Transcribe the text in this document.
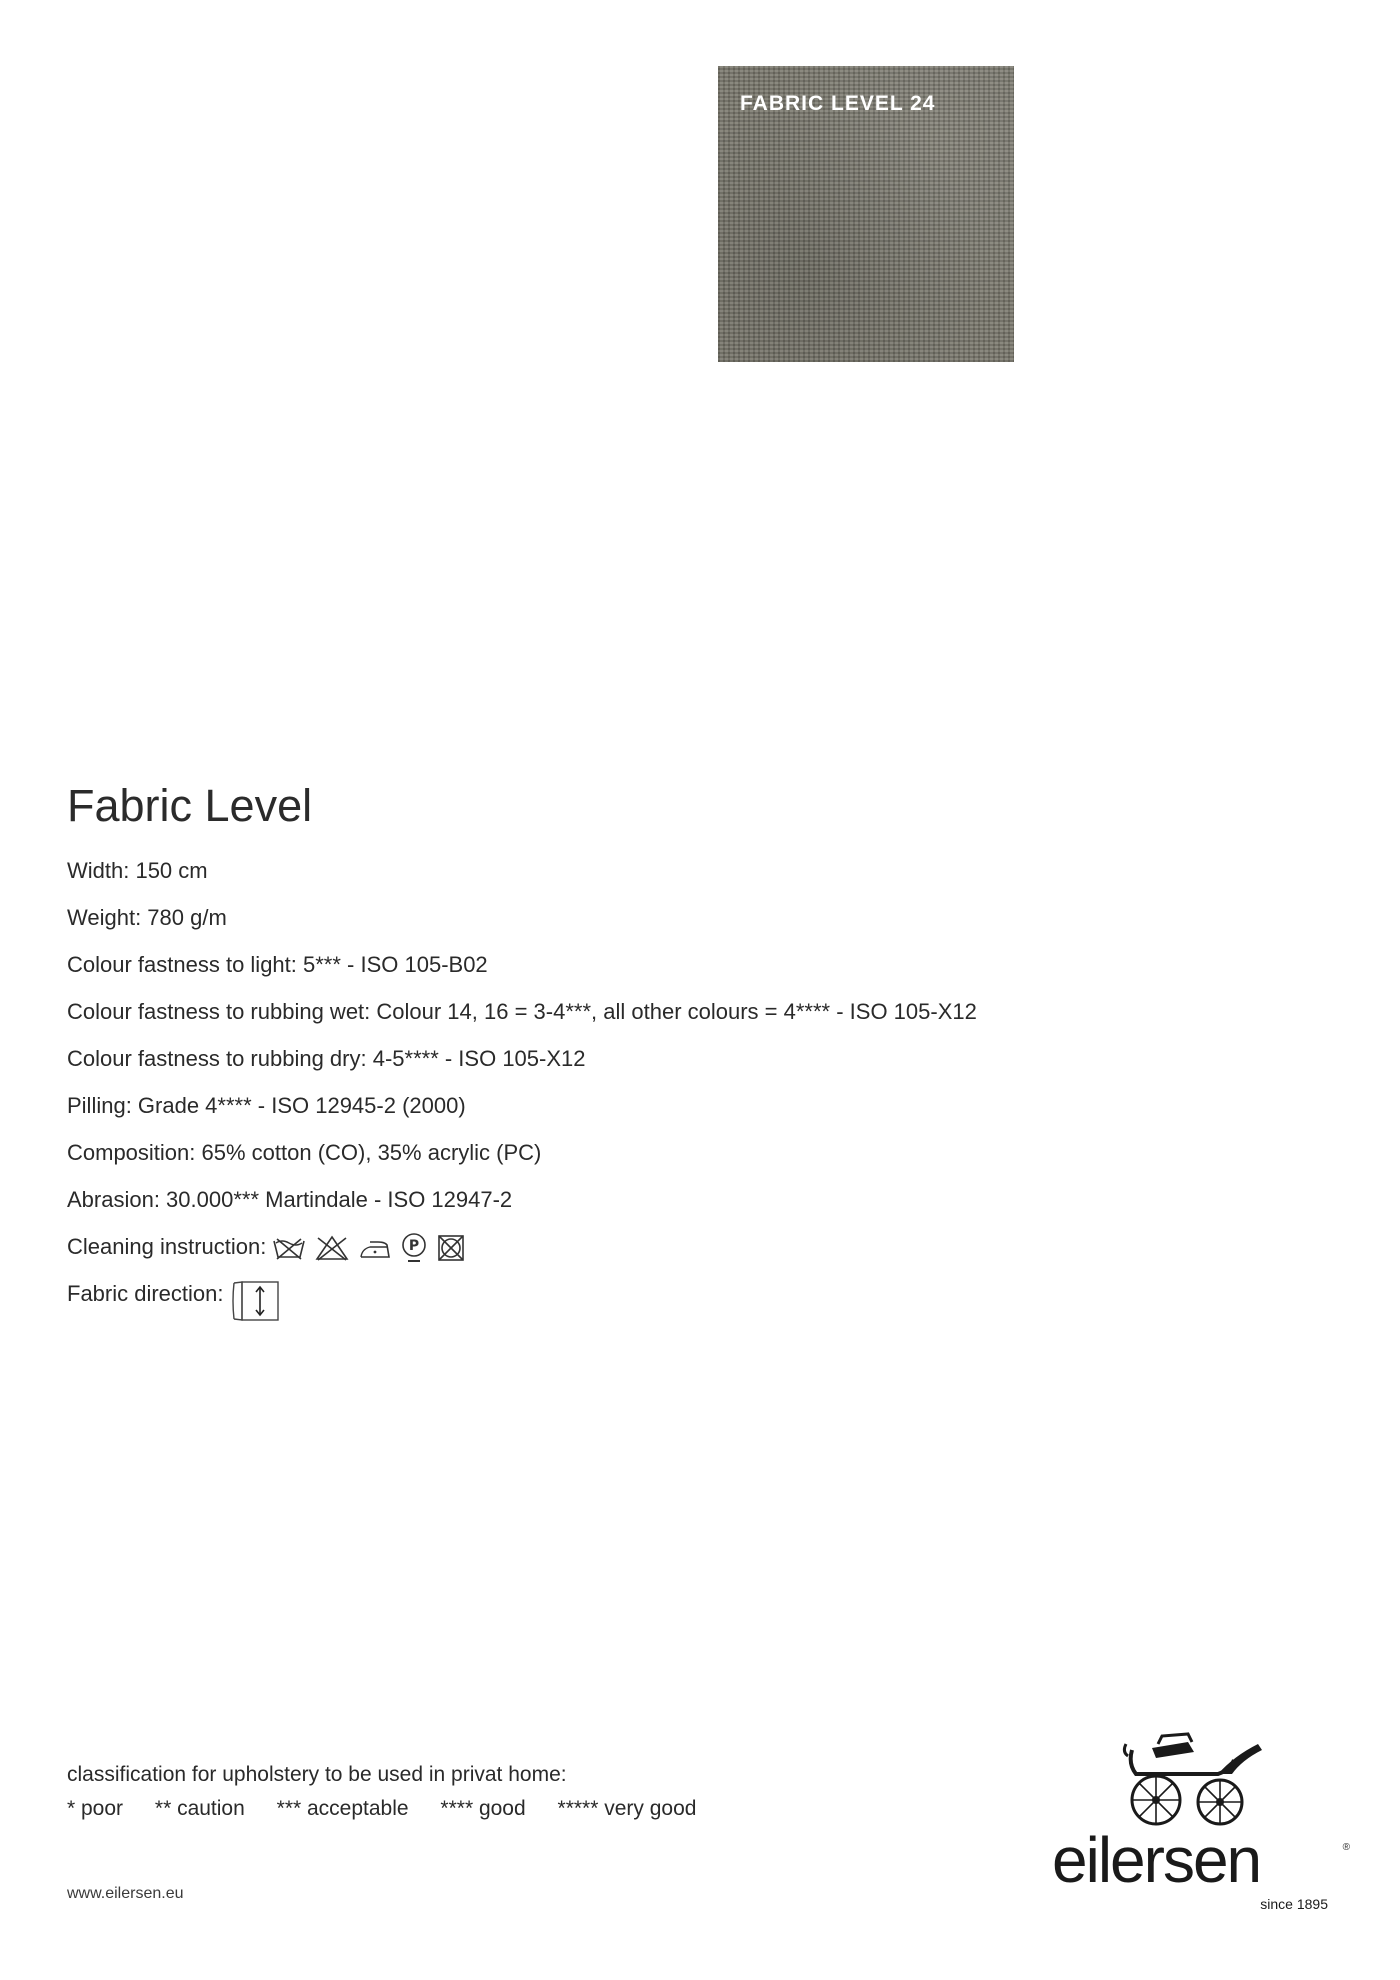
FABRIC LEVEL 24
Fabric Level
Width: 150 cm
Weight: 780 g/m
Colour fastness to light: 5*** - ISO 105-B02
Colour fastness to rubbing wet: Colour 14, 16 = 3-4***, all other colours = 4**** - ISO 105-X12
Colour fastness to rubbing dry: 4-5**** - ISO 105-X12
Pilling: Grade 4**** - ISO 12945-2 (2000)
Composition: 65% cotton (CO), 35% acrylic (PC)
Abrasion: 30.000*** Martindale - ISO 12947-2
Cleaning instruction:	P
Fabric direction:
classification for upholstery to be used in privat home:
* poor ** caution *** acceptable **** good ***** very good
www.eilersen.eu	eilersen	®
since 1895
